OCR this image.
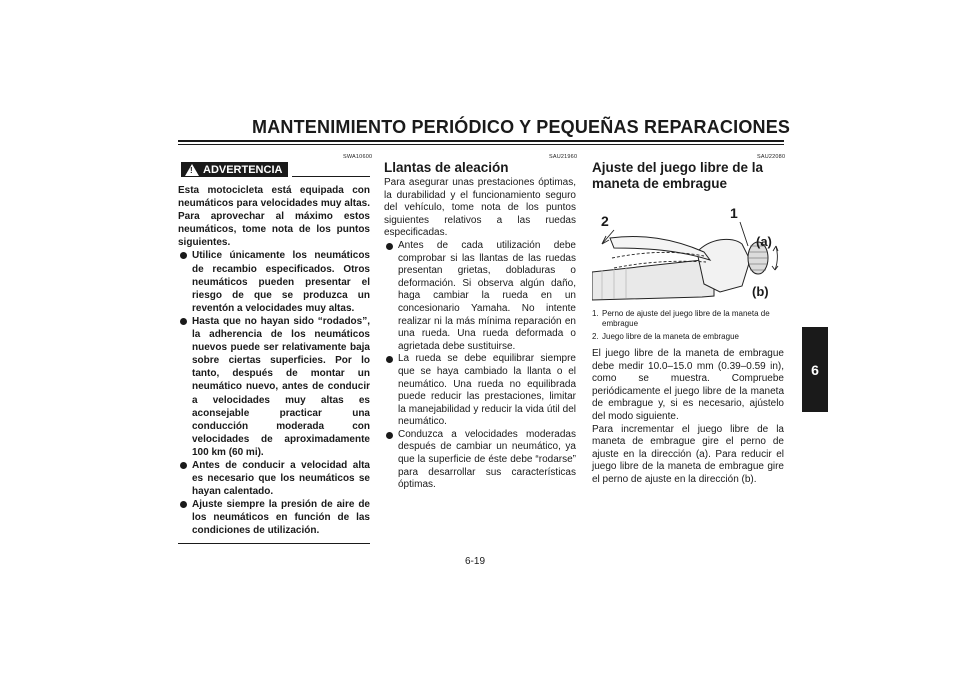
MANTENIMIENTO PERIÓDICO Y PEQUEÑAS REPARACIONES
6
SWA10600	SAU21960	SAU22080
! ADVERTENCIA
Esta motocicleta está equipada con neumáticos para velocidades muy altas. Para aprovechar al máximo estos neumáticos, tome nota de los puntos siguientes.
Utilice únicamente los neumáticos de recambio especificados. Otros neumáticos pueden presentar el riesgo de que se produzca un reventón a velocidades muy altas.
Hasta que no hayan sido “rodados”, la adherencia de los neumáticos nuevos puede ser relativamente baja sobre ciertas superficies. Por lo tanto, después de montar un neumático nuevo, antes de conducir a velocidades muy altas es aconsejable practicar una conducción moderada con velocidades de aproximadamente 100 km (60 mi).
Antes de conducir a velocidad alta es necesario que los neumáticos se hayan calentado.
Ajuste siempre la presión de aire de los neumáticos en función de las condiciones de utilización.
Llantas de aleación
Para asegurar unas prestaciones óptimas, la durabilidad y el funcionamiento seguro del vehículo, tome nota de los puntos siguientes relativos a las ruedas especificadas.
Antes de cada utilización debe comprobar si las llantas de las ruedas presentan grietas, dobladuras o deformación. Si observa algún daño, haga cambiar la rueda en un concesionario Yamaha. No intente realizar ni la más mínima reparación en una rueda. Una rueda deformada o agrietada debe sustituirse.
La rueda se debe equilibrar siempre que se haya cambiado la llanta o el neumático. Una rueda no equilibrada puede reducir las prestaciones, limitar la manejabilidad y reducir la vida útil del neumático.
Conduzca a velocidades moderadas después de cambiar un neumático, ya que la superficie de éste debe “rodarse” para desarrollar sus características óptimas.
Ajuste del juego libre de la maneta de embrague
2	1
(a)
(b)
1. Perno de ajuste del juego libre de la maneta de embrague
2. Juego libre de la maneta de embrague
El juego libre de la maneta de embrague debe medir 10.0–15.0 mm (0.39–0.59 in), como se muestra. Compruebe periódicamente el juego libre de la maneta de embrague y, si es necesario, ajústelo del modo siguiente.
Para incrementar el juego libre de la maneta de embrague gire el perno de ajuste en la dirección (a). Para reducir el juego libre de la maneta de embrague gire el perno de ajuste en la dirección (b).
6-19
